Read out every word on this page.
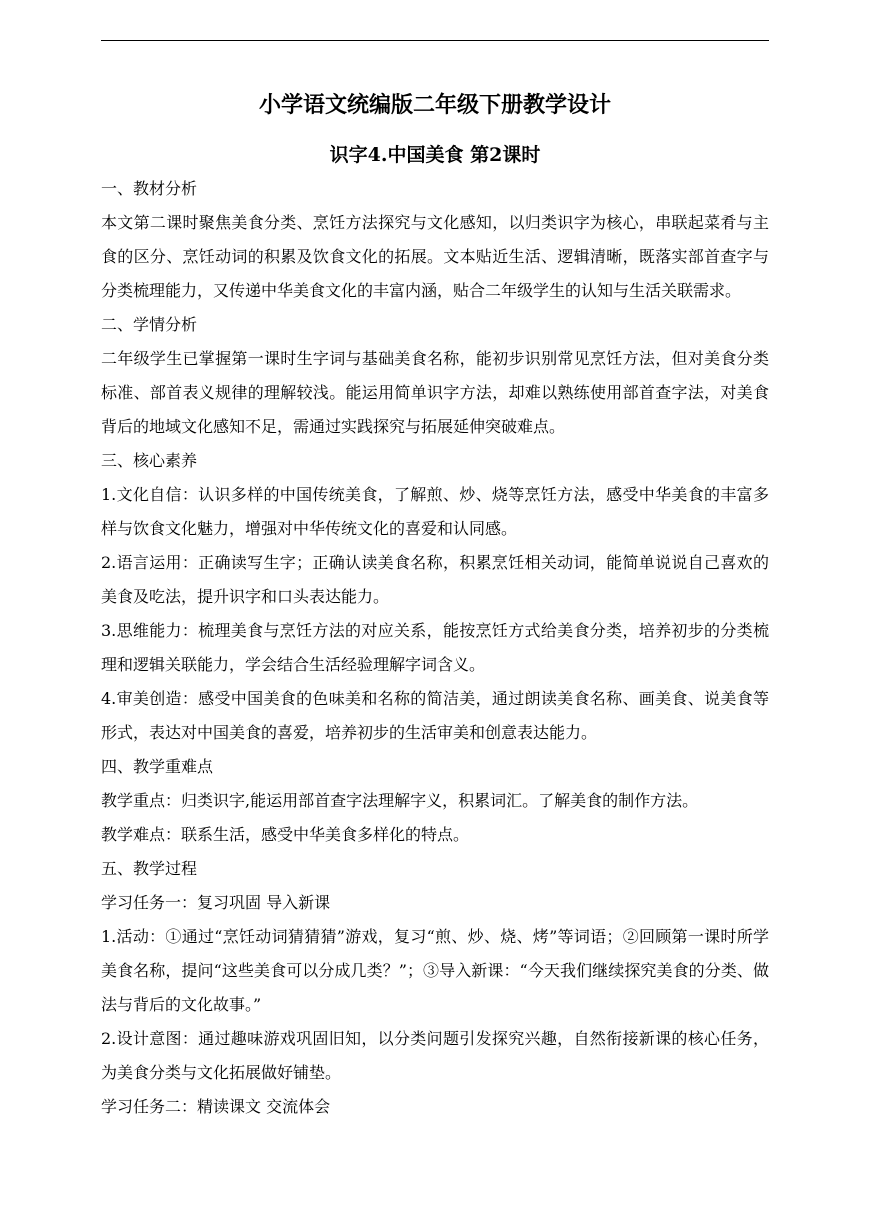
小学语文统编版二年级下册教学设计
识字4.中国美食 第2课时

一、教材分析

本文第二课时聚焦美食分类、烹饪方法探究与文化感知，以归类识字为核心，串联起菜肴与主食的区分、烹饪动词的积累及饮食文化的拓展。文本贴近生活、逻辑清晰，既落实部首查字与分类梳理能力，又传递中华美食文化的丰富内涵，贴合二年级学生的认知与生活关联需求。

二、学情分析

二年级学生已掌握第一课时生字词与基础美食名称，能初步识别常见烹饪方法，但对美食分类标准、部首表义规律的理解较浅。能运用简单识字方法，却难以熟练使用部首查字法，对美食背后的地域文化感知不足，需通过实践探究与拓展延伸突破难点。

三、核心素养

1.文化自信：认识多样的中国传统美食，了解煎、炒、烧等烹饪方法，感受中华美食的丰富多样与饮食文化魅力，增强对中华传统文化的喜爱和认同感。

2.语言运用：正确读写生字；正确认读美食名称，积累烹饪相关动词，能简单说说自己喜欢的美食及吃法，提升识字和口头表达能力。

3.思维能力：梳理美食与烹饪方法的对应关系，能按烹饪方式给美食分类，培养初步的分类梳理和逻辑关联能力，学会结合生活经验理解字词含义。

4.审美创造：感受中国美食的色味美和名称的简洁美，通过朗读美食名称、画美食、说美食等形式，表达对中国美食的喜爱，培养初步的生活审美和创意表达能力。

四、教学重难点

教学重点：归类识字,能运用部首查字法理解字义，积累词汇。了解美食的制作方法。

教学难点：联系生活，感受中华美食多样化的特点。

五、教学过程

学习任务一：复习巩固 导入新课

1.活动：①通过“烹饪动词猜猜猜”游戏，复习“煎、炒、烧、烤”等词语；②回顾第一课时所学美食名称，提问“这些美食可以分成几类？”；③导入新课：“今天我们继续探究美食的分类、做法与背后的文化故事。”

2.设计意图：通过趣味游戏巩固旧知，以分类问题引发探究兴趣，自然衔接新课的核心任务，为美食分类与文化拓展做好铺垫。

学习任务二：精读课文 交流体会
